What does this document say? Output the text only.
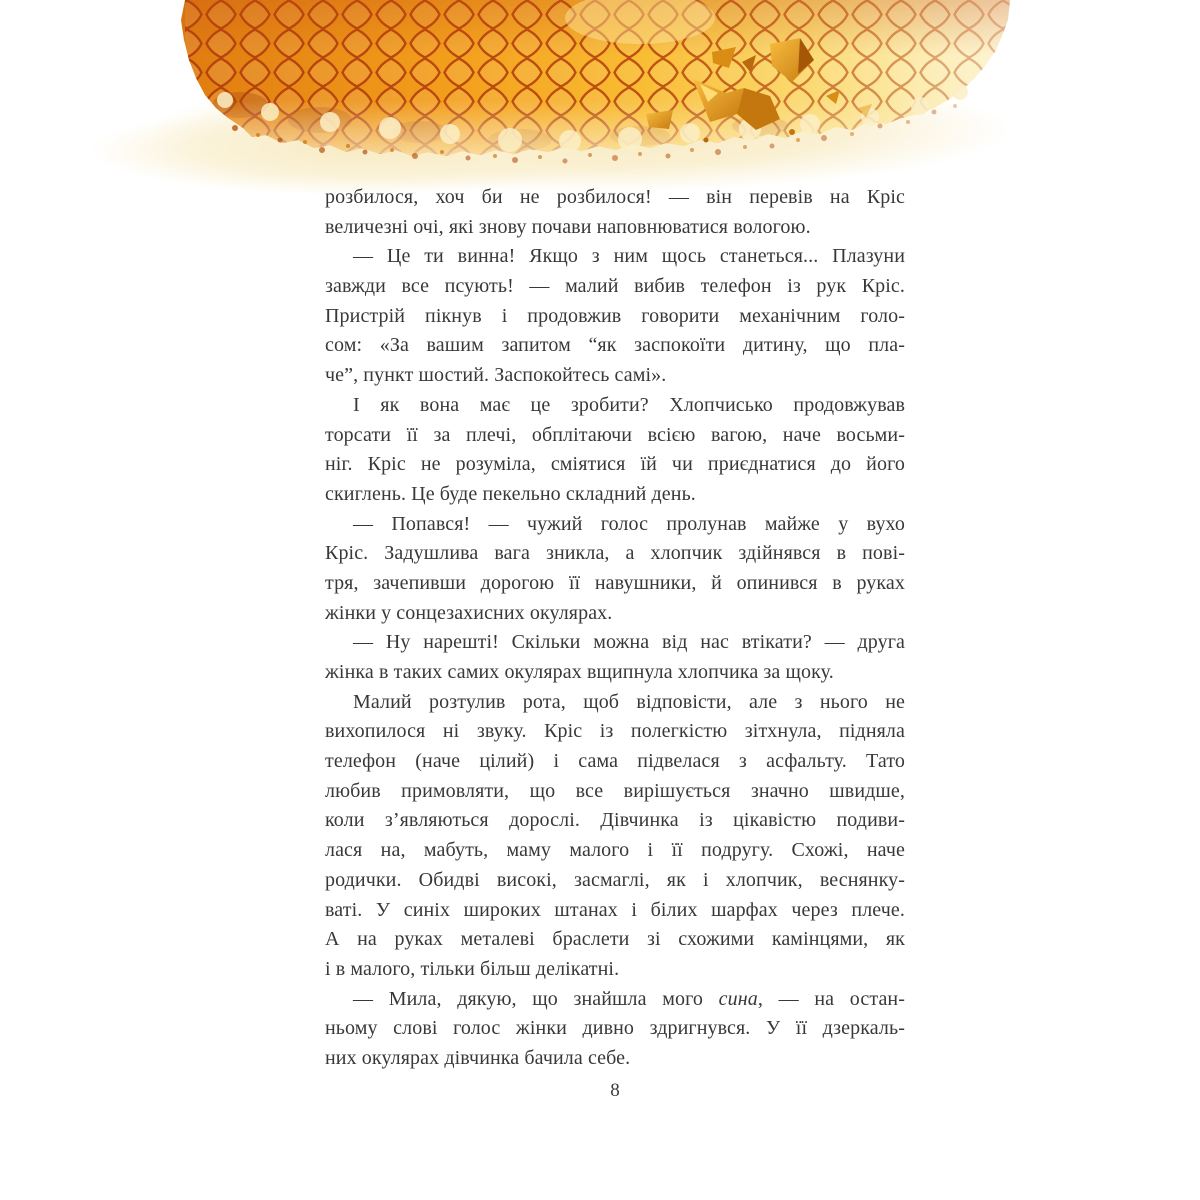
розбилося, хоч би не розбилося! — він перевів на Кріс
величезні очі, які знову почави наповнюватися вологою.
— Це ти винна! Якщо з ним щось станеться... Плазуни
завжди все псують! — малий вибив телефон із рук Кріс.
Пристрій пікнув і продовжив говорити механічним голо-
сом: «За вашим запитом “як заспокоїти дитину, що пла-
че”, пункт шостий. Заспокойтесь самі».
І як вона має це зробити? Хлопчисько продовжував
торсати її за плечі, обплітаючи всією вагою, наче восьми-
ніг. Кріс не розуміла, сміятися їй чи приєднатися до його
скиглень. Це буде пекельно складний день.
— Попався! — чужий голос пролунав майже у вухо
Кріс. Задушлива вага зникла, а хлопчик здійнявся в пові-
тря, зачепивши дорогою її навушники, й опинився в руках
жінки у сонцезахисних окулярах.
— Ну нарешті! Скільки можна від нас втікати? — друга
жінка в таких самих окулярах вщипнула хлопчика за щоку.
Малий розтулив рота, щоб відповісти, але з нього не
вихопилося ні звуку. Кріс із полегкістю зітхнула, підняла
телефон (наче цілий) і сама підвелася з асфальту. Тато
любив примовляти, що все вирішується значно швидше,
коли з’являються дорослі. Дівчинка із цікавістю подиви-
лася на, мабуть, маму малого і її подругу. Схожі, наче
родички. Обидві високі, засмаглі, як і хлопчик, веснянку-
ваті. У синіх широких штанах і білих шарфах через плече.
А на руках металеві браслети зі схожими камінцями, як
і в малого, тільки більш делікатні.
— Мила, дякую, що знайшла мого сина, — на остан-
ньому слові голос жінки дивно здригнувся. У її дзеркаль-
них окулярах дівчинка бачила себе.
8
